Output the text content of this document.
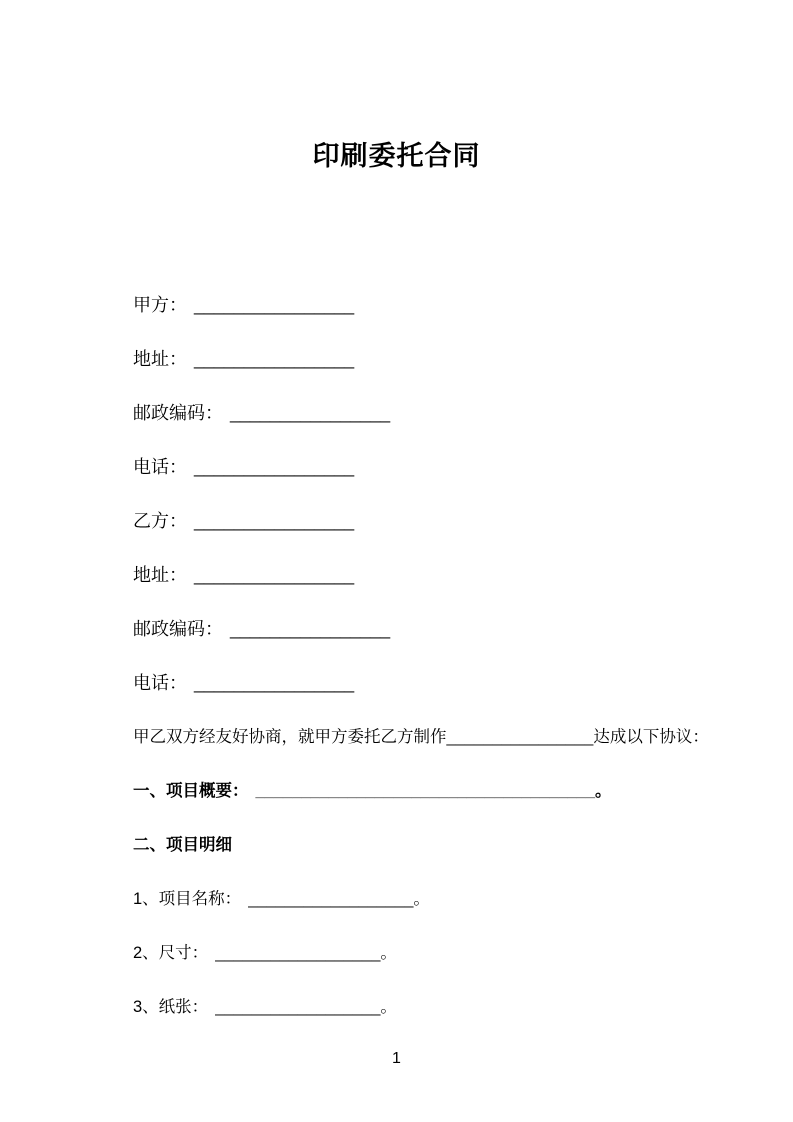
印刷委托合同

甲方： ________________

地址： ________________

邮政编码： ________________

电话： ________________

乙方： ________________

地址： ________________

邮政编码： ________________

电话： ________________

甲乙双方经友好协商，就甲方委托乙方制作________________达成以下协议：

一、项目概要： _____________________________________。

二、项目明细

1、项目名称： __________________。

2、尺寸： __________________。

3、纸张： __________________。

1
